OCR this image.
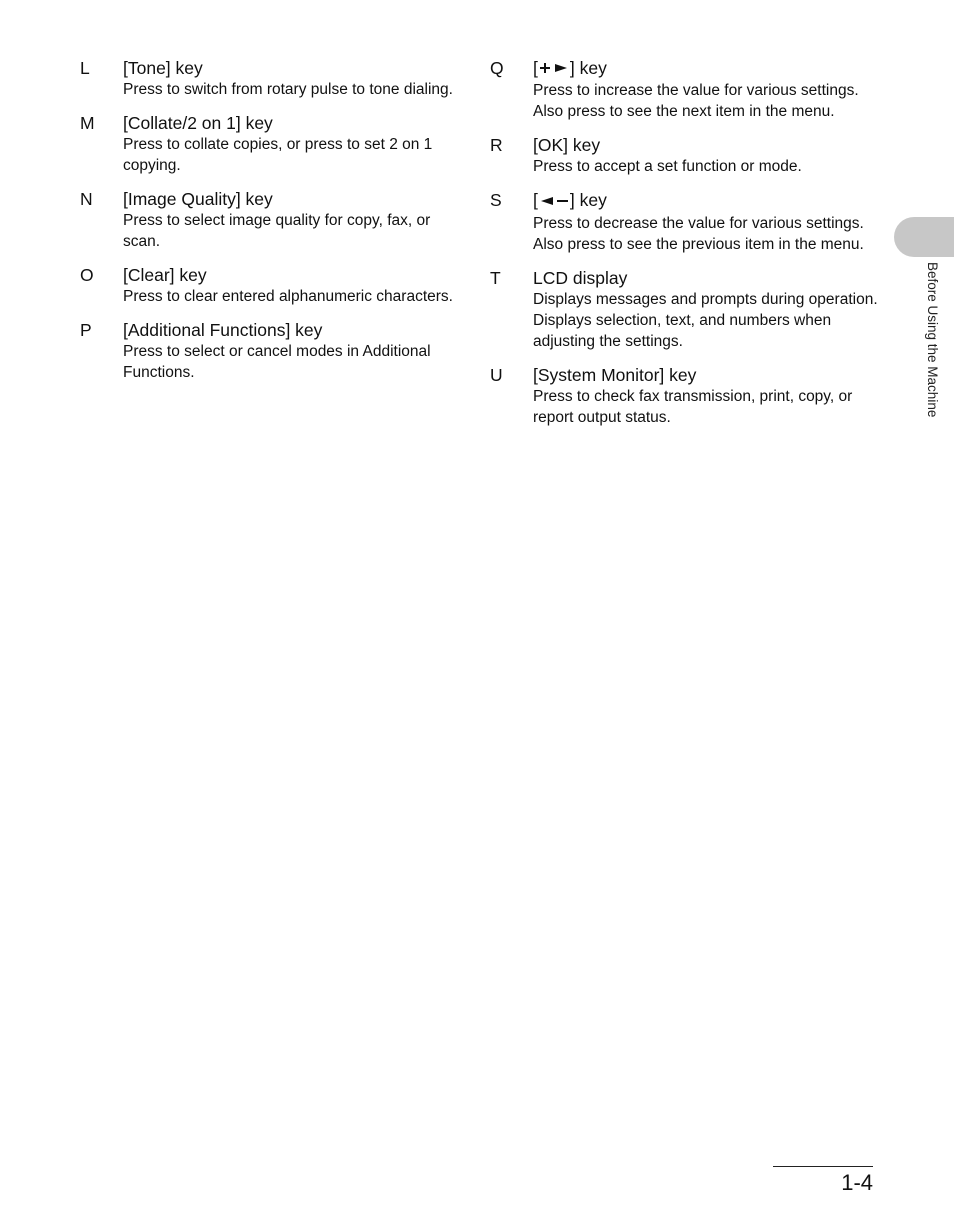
L [Tone] key
Press to switch from rotary pulse to tone dialing.
M [Collate/2 on 1] key
Press to collate copies, or press to set 2 on 1 copying.
N [Image Quality] key
Press to select image quality for copy, fax, or scan.
O [Clear] key
Press to clear entered alphanumeric characters.
P [Additional Functions] key
Press to select or cancel modes in Additional Functions.
Q [ ] key
Press to increase the value for various settings. Also press to see the next item in the menu.
R [OK] key
Press to accept a set function or mode.
S [ ] key
Press to decrease the value for various settings. Also press to see the previous item in the menu.
T LCD display
Displays messages and prompts during operation. Displays selection, text, and numbers when adjusting the settings.
U [System Monitor] key
Press to check fax transmission, print, copy, or report output status.	Before Using the Machine
1-4
